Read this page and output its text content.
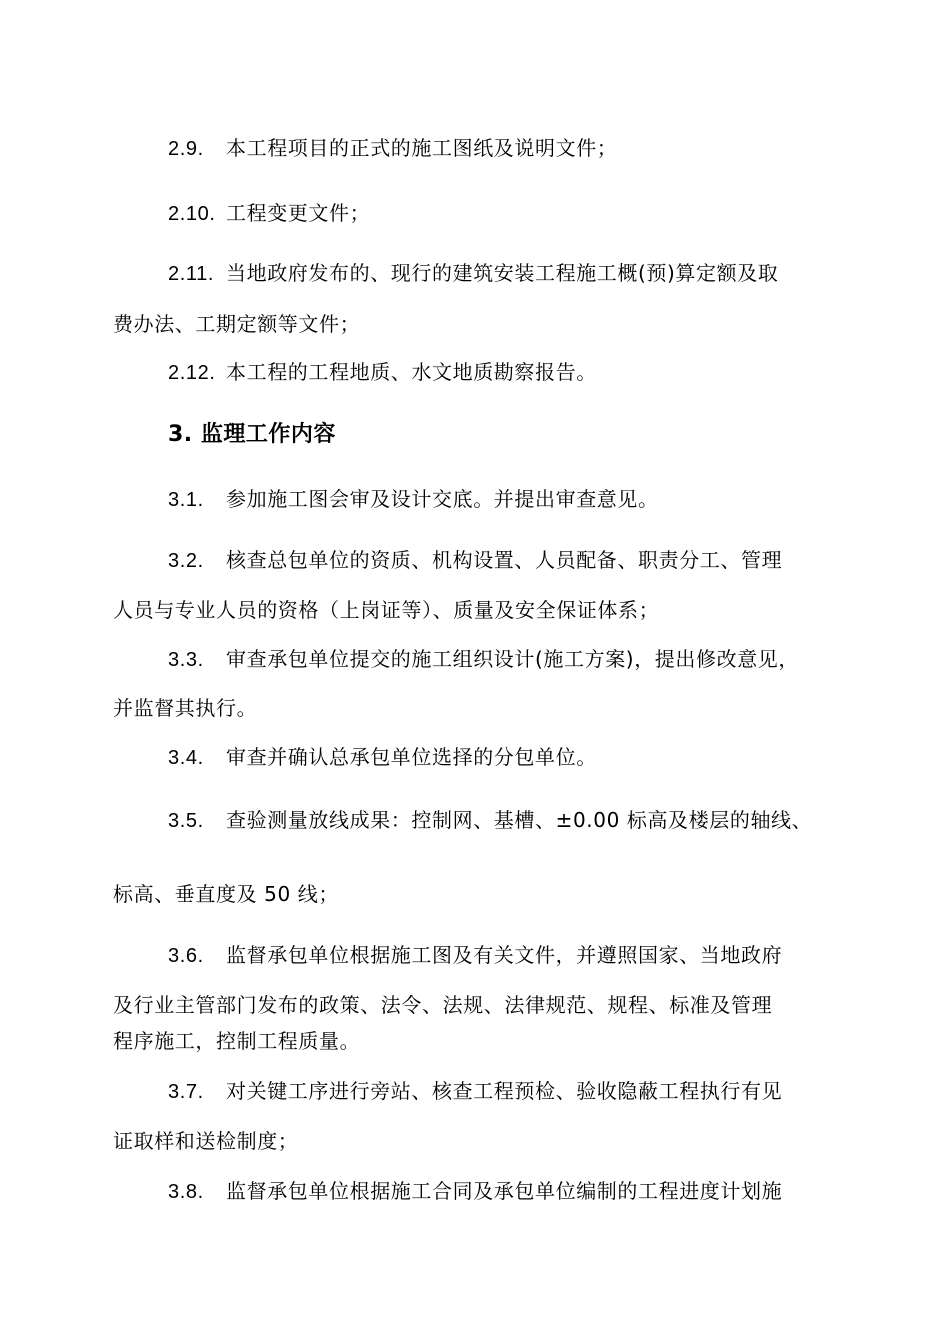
2.9. 本工程项目的正式的施工图纸及说明文件；
2.10. 工程变更文件；
2.11. 当地政府发布的、现行的建筑安装工程施工概(预)算定额及取
费办法、工期定额等文件；
2.12. 本工程的工程地质、水文地质勘察报告。
3. 监理工作内容
3.1. 参加施工图会审及设计交底。并提出审查意见。
3.2. 核查总包单位的资质、机构设置、人员配备、职责分工、管理
人员与专业人员的资格（上岗证等）、质量及安全保证体系；
3.3. 审查承包单位提交的施工组织设计(施工方案)，提出修改意见，
并监督其执行。
3.4. 审查并确认总承包单位选择的分包单位。
3.5. 查验测量放线成果：控制网、基槽、±0.00 标高及楼层的轴线、
标高、垂直度及 50 线；
3.6. 监督承包单位根据施工图及有关文件，并遵照国家、当地政府
及行业主管部门发布的政策、法令、法规、法律规范、规程、标准及管理
程序施工，控制工程质量。
3.7. 对关键工序进行旁站、核查工程预检、验收隐蔽工程执行有见
证取样和送检制度；
3.8. 监督承包单位根据施工合同及承包单位编制的工程进度计划施
